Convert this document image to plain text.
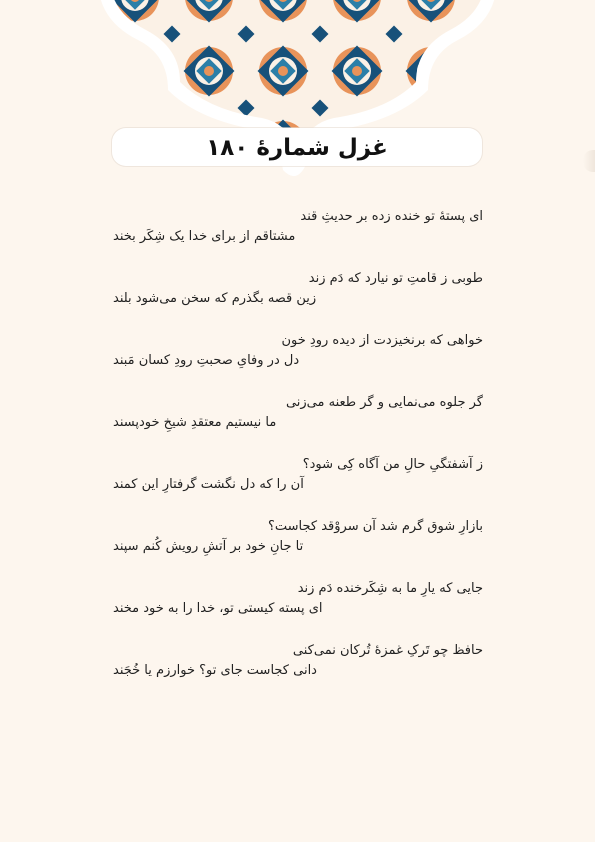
غزل شمارهٔ ۱۸۰
ای پستهٔ تو خنده زده بر حدیثِ قند
مشتاقم از برای خدا یک شِکَر بخند
طوبی ز قامتِ تو نیارد که دَم زند
زین قصه بگذرم که سخن می‌شود بلند
خواهی که برنخیزدت از دیده رودِ خون
دل در وفایِ صحبتِ رودِ کسان مَبند
گر جلوه می‌نمایی و گر طعنه می‌زنی
ما نیستیم معتقدِ شیخِ خودپسند
ز آشفتگیِ حالِ من آگاه کِی شود؟
آن را که دل نگشت گرفتارِ این کمند
بازارِ شوق گرم شد آن سروْقد کجاست؟
تا جانِ خود بر آتشِ رویش کُنم سپند
جایی که یارِ ما به شِکَرخنده دَم زند
ای پسته کیستی تو، خدا را به خود مخند
حافظ چو تَرکِ غمزهٔ تُرکان نمی‌کنی
دانی کجاست جای تو؟ خوارزم یا خُجَند
